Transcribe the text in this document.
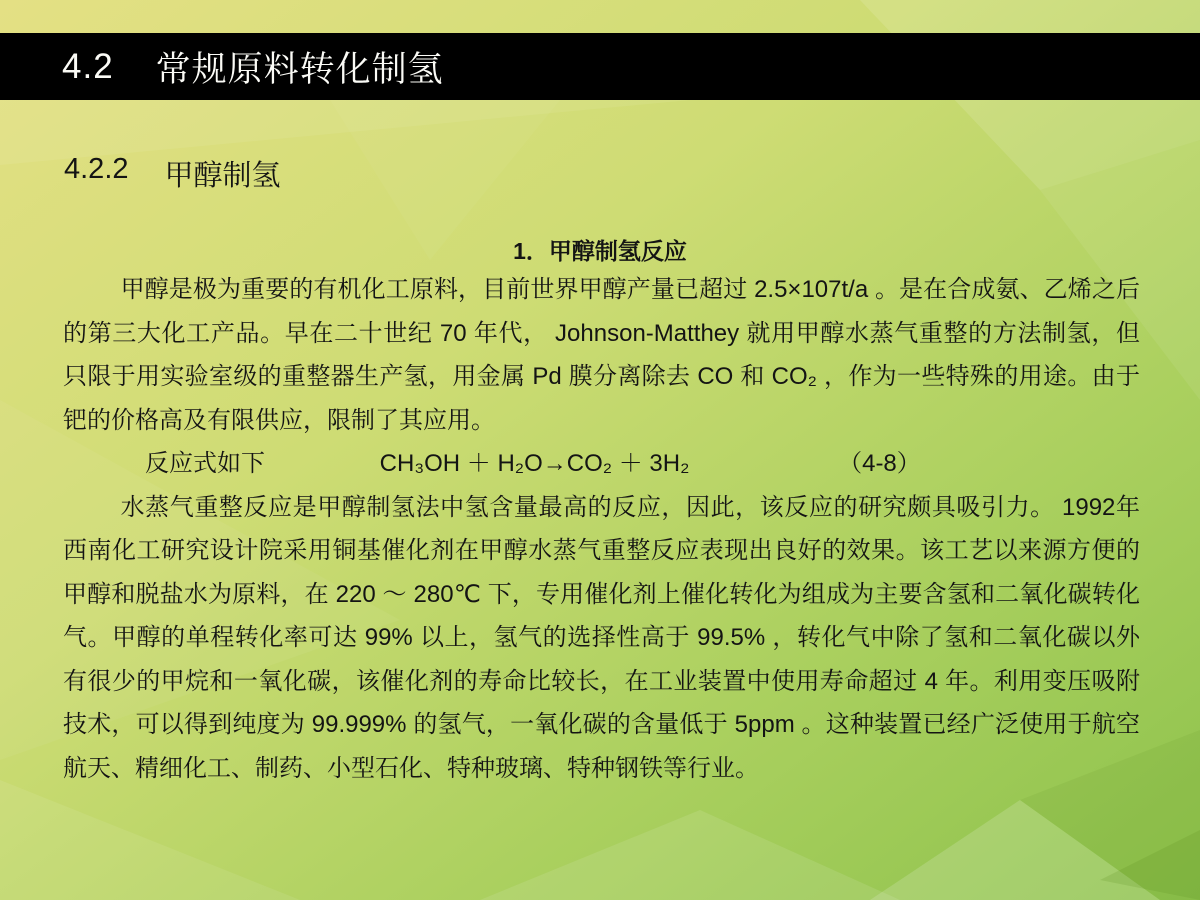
4.2 常规原料转化制氢
4.2.2 甲醇制氢
1．甲醇制氢反应

甲醇是极为重要的有机化工原料，目前世界甲醇产量已超过 2.5×107t/a 。是在合成氨、乙烯之后的第三大化工产品。早在二十世纪 70 年代， Johnson-Matthey 就用甲醇水蒸气重整的方法制氢，但只限于用实验室级的重整器生产氢，用金属 Pd 膜分离除去 CO 和 CO₂ ，作为一些特殊的用途。由于钯的价格高及有限供应，限制了其应用。

反应式如下	CH₃OH ＋ H₂O→CO₂ ＋ 3H₂	（4-8）

水蒸气重整反应是甲醇制氢法中氢含量最高的反应，因此，该反应的研究颇具吸引力。 1992年西南化工研究设计院采用铜基催化剂在甲醇水蒸气重整反应表现出良好的效果。该工艺以来源方便的甲醇和脱盐水为原料，在 220 ～ 280℃ 下，专用催化剂上催化转化为组成为主要含氢和二氧化碳转化气。甲醇的单程转化率可达 99% 以上，氢气的选择性高于 99.5% ，转化气中除了氢和二氧化碳以外有很少的甲烷和一氧化碳，该催化剂的寿命比较长，在工业装置中使用寿命超过 4 年。利用变压吸附技术，可以得到纯度为 99.999% 的氢气，一氧化碳的含量低于 5ppm 。这种装置已经广泛使用于航空航天、精细化工、制药、小型石化、特种玻璃、特种钢铁等行业。
